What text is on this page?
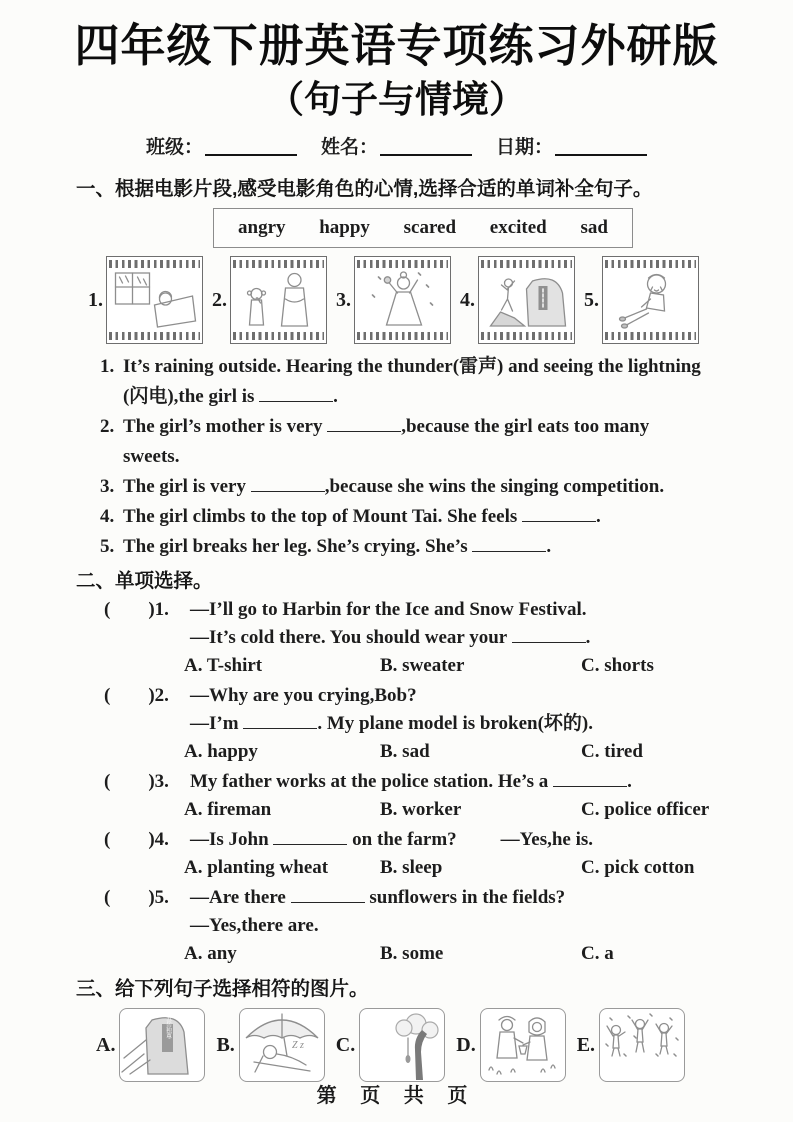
四年级下册英语专项练习外研版
（句子与情境）
班级：	姓名：	日期：
一、根据电影片段,感受电影角色的心情,选择合适的单词补全句子。
angry happy scared excited sad
1.	2.	3.	4.	5.
1. It’s raining outside. Hearing the thunder(雷声) and seeing the lightning
(闪电),the girl is	.
2. The girl’s mother is very	,because the girl eats too many
sweets.
3. The girl is very	,because she wins the singing competition.
4. The girl climbs to the top of Mount Tai. She feels	.
5. The girl breaks her leg. She’s crying. She’s	.
二、单项选择。
(　　)1.	—I’ll go to Harbin for the Ice and Snow Festival.
—It’s cold there. You should wear your	.
A. T-shirt	B. sweater	C. shorts
(　　)2.	—Why are you crying,Bob?
—I’m	. My plane model is broken(坏的).
A. happy	B. sad	C. tired
(　　)3.	My father works at the police station. He’s a	.
A. fireman	B. worker	C. police officer
(　　)4.	—Is John	on the farm? —Yes,he is.
A. planting wheat	B. sleep	C. pick cotton
(　　)5.	—Are there	sunflowers in the fields?
—Yes,there are.
A. any	B. some	C. a
三、给下列句子选择相符的图片。
A.
五岳独尊
B.	Z z C.	D.	E.
第 页 共 页
